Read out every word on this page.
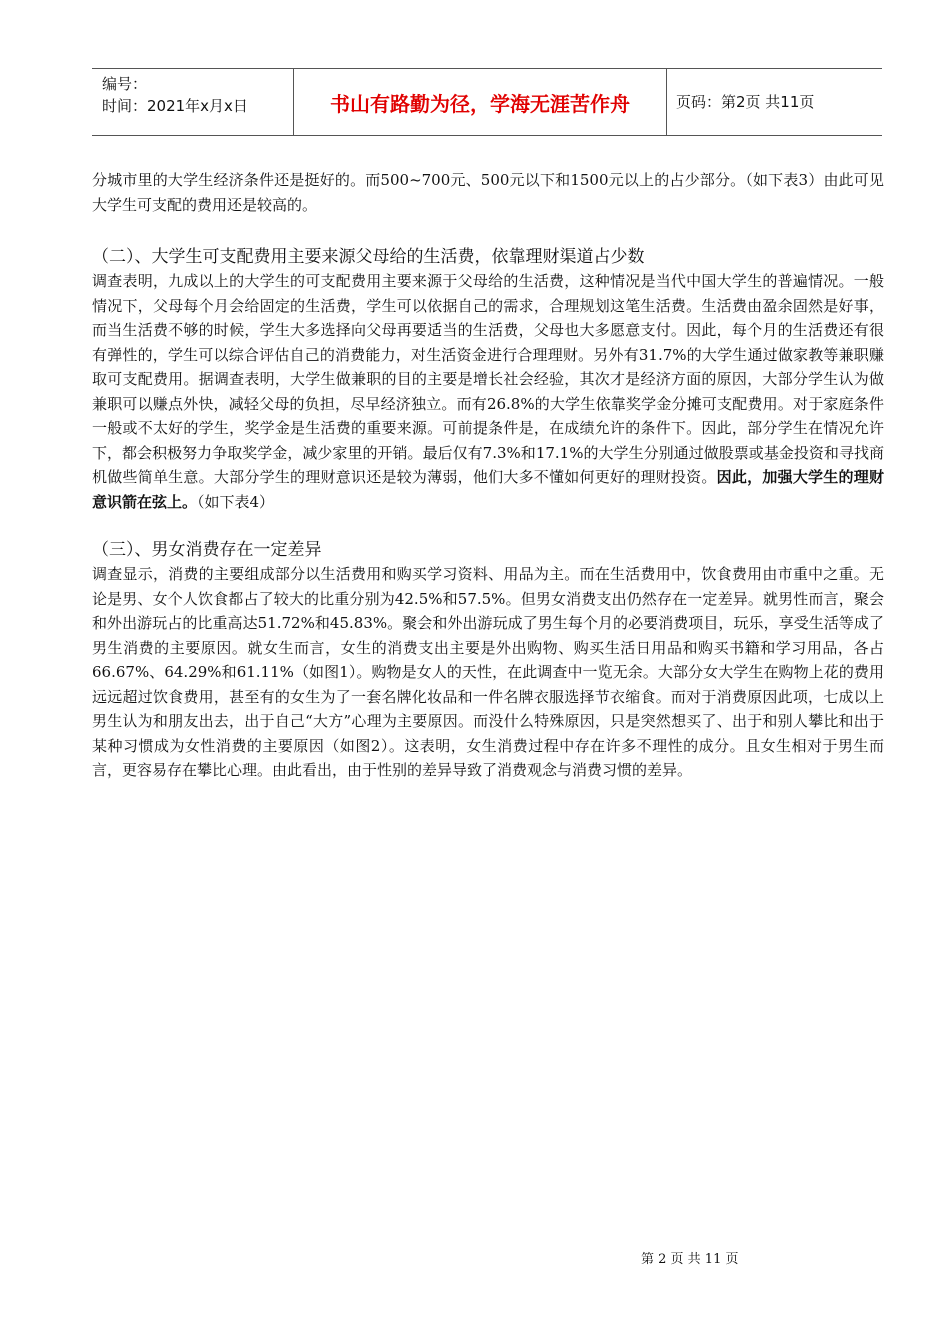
编号：
时间：2021年x月x日	书山有路勤为径，学海无涯苦作舟	页码：第2页 共11页

分城市里的大学生经济条件还是挺好的。而500~700元、500元以下和1500元以上的占少部分。（如下表3）由此可见大学生可支配的费用还是较高的。

（二）、大学生可支配费用主要来源父母给的生活费，依靠理财渠道占少数

调查表明，九成以上的大学生的可支配费用主要来源于父母给的生活费，这种情况是当代中国大学生的普遍情况。一般情况下，父母每个月会给固定的生活费，学生可以依据自己的需求，合理规划这笔生活费。生活费由盈余固然是好事，而当生活费不够的时候，学生大多选择向父母再要适当的生活费，父母也大多愿意支付。因此，每个月的生活费还有很有弹性的，学生可以综合评估自己的消费能力，对生活资金进行合理理财。另外有31.7%的大学生通过做家教等兼职赚取可支配费用。据调查表明，大学生做兼职的目的主要是增长社会经验，其次才是经济方面的原因，大部分学生认为做兼职可以赚点外快，减轻父母的负担，尽早经济独立。而有26.8%的大学生依靠奖学金分摊可支配费用。对于家庭条件一般或不太好的学生，奖学金是生活费的重要来源。可前提条件是，在成绩允许的条件下。因此，部分学生在情况允许下，都会积极努力争取奖学金，减少家里的开销。最后仅有7.3%和17.1%的大学生分别通过做股票或基金投资和寻找商机做些简单生意。大部分学生的理财意识还是较为薄弱，他们大多不懂如何更好的理财投资。因此，加强大学生的理财意识箭在弦上。（如下表4）

（三）、男女消费存在一定差异

调查显示，消费的主要组成部分以生活费用和购买学习资料、用品为主。而在生活费用中，饮食费用由市重中之重。无论是男、女个人饮食都占了较大的比重分别为42.5%和57.5%。但男女消费支出仍然存在一定差异。就男性而言，聚会和外出游玩占的比重高达51.72%和45.83%。聚会和外出游玩成了男生每个月的必要消费项目，玩乐，享受生活等成了男生消费的主要原因。就女生而言，女生的消费支出主要是外出购物、购买生活日用品和购买书籍和学习用品，各占66.67%、64.29%和61.11%（如图1）。购物是女人的天性，在此调查中一览无余。大部分女大学生在购物上花的费用远远超过饮食费用，甚至有的女生为了一套名牌化妆品和一件名牌衣服选择节衣缩食。而对于消费原因此项，七成以上男生认为和朋友出去，出于自己“大方”心理为主要原因。而没什么特殊原因，只是突然想买了、出于和别人攀比和出于某种习惯成为女性消费的主要原因（如图2）。这表明，女生消费过程中存在许多不理性的成分。且女生相对于男生而言，更容易存在攀比心理。由此看出，由于性别的差异导致了消费观念与消费习惯的差异。

第 2 页 共 11 页
